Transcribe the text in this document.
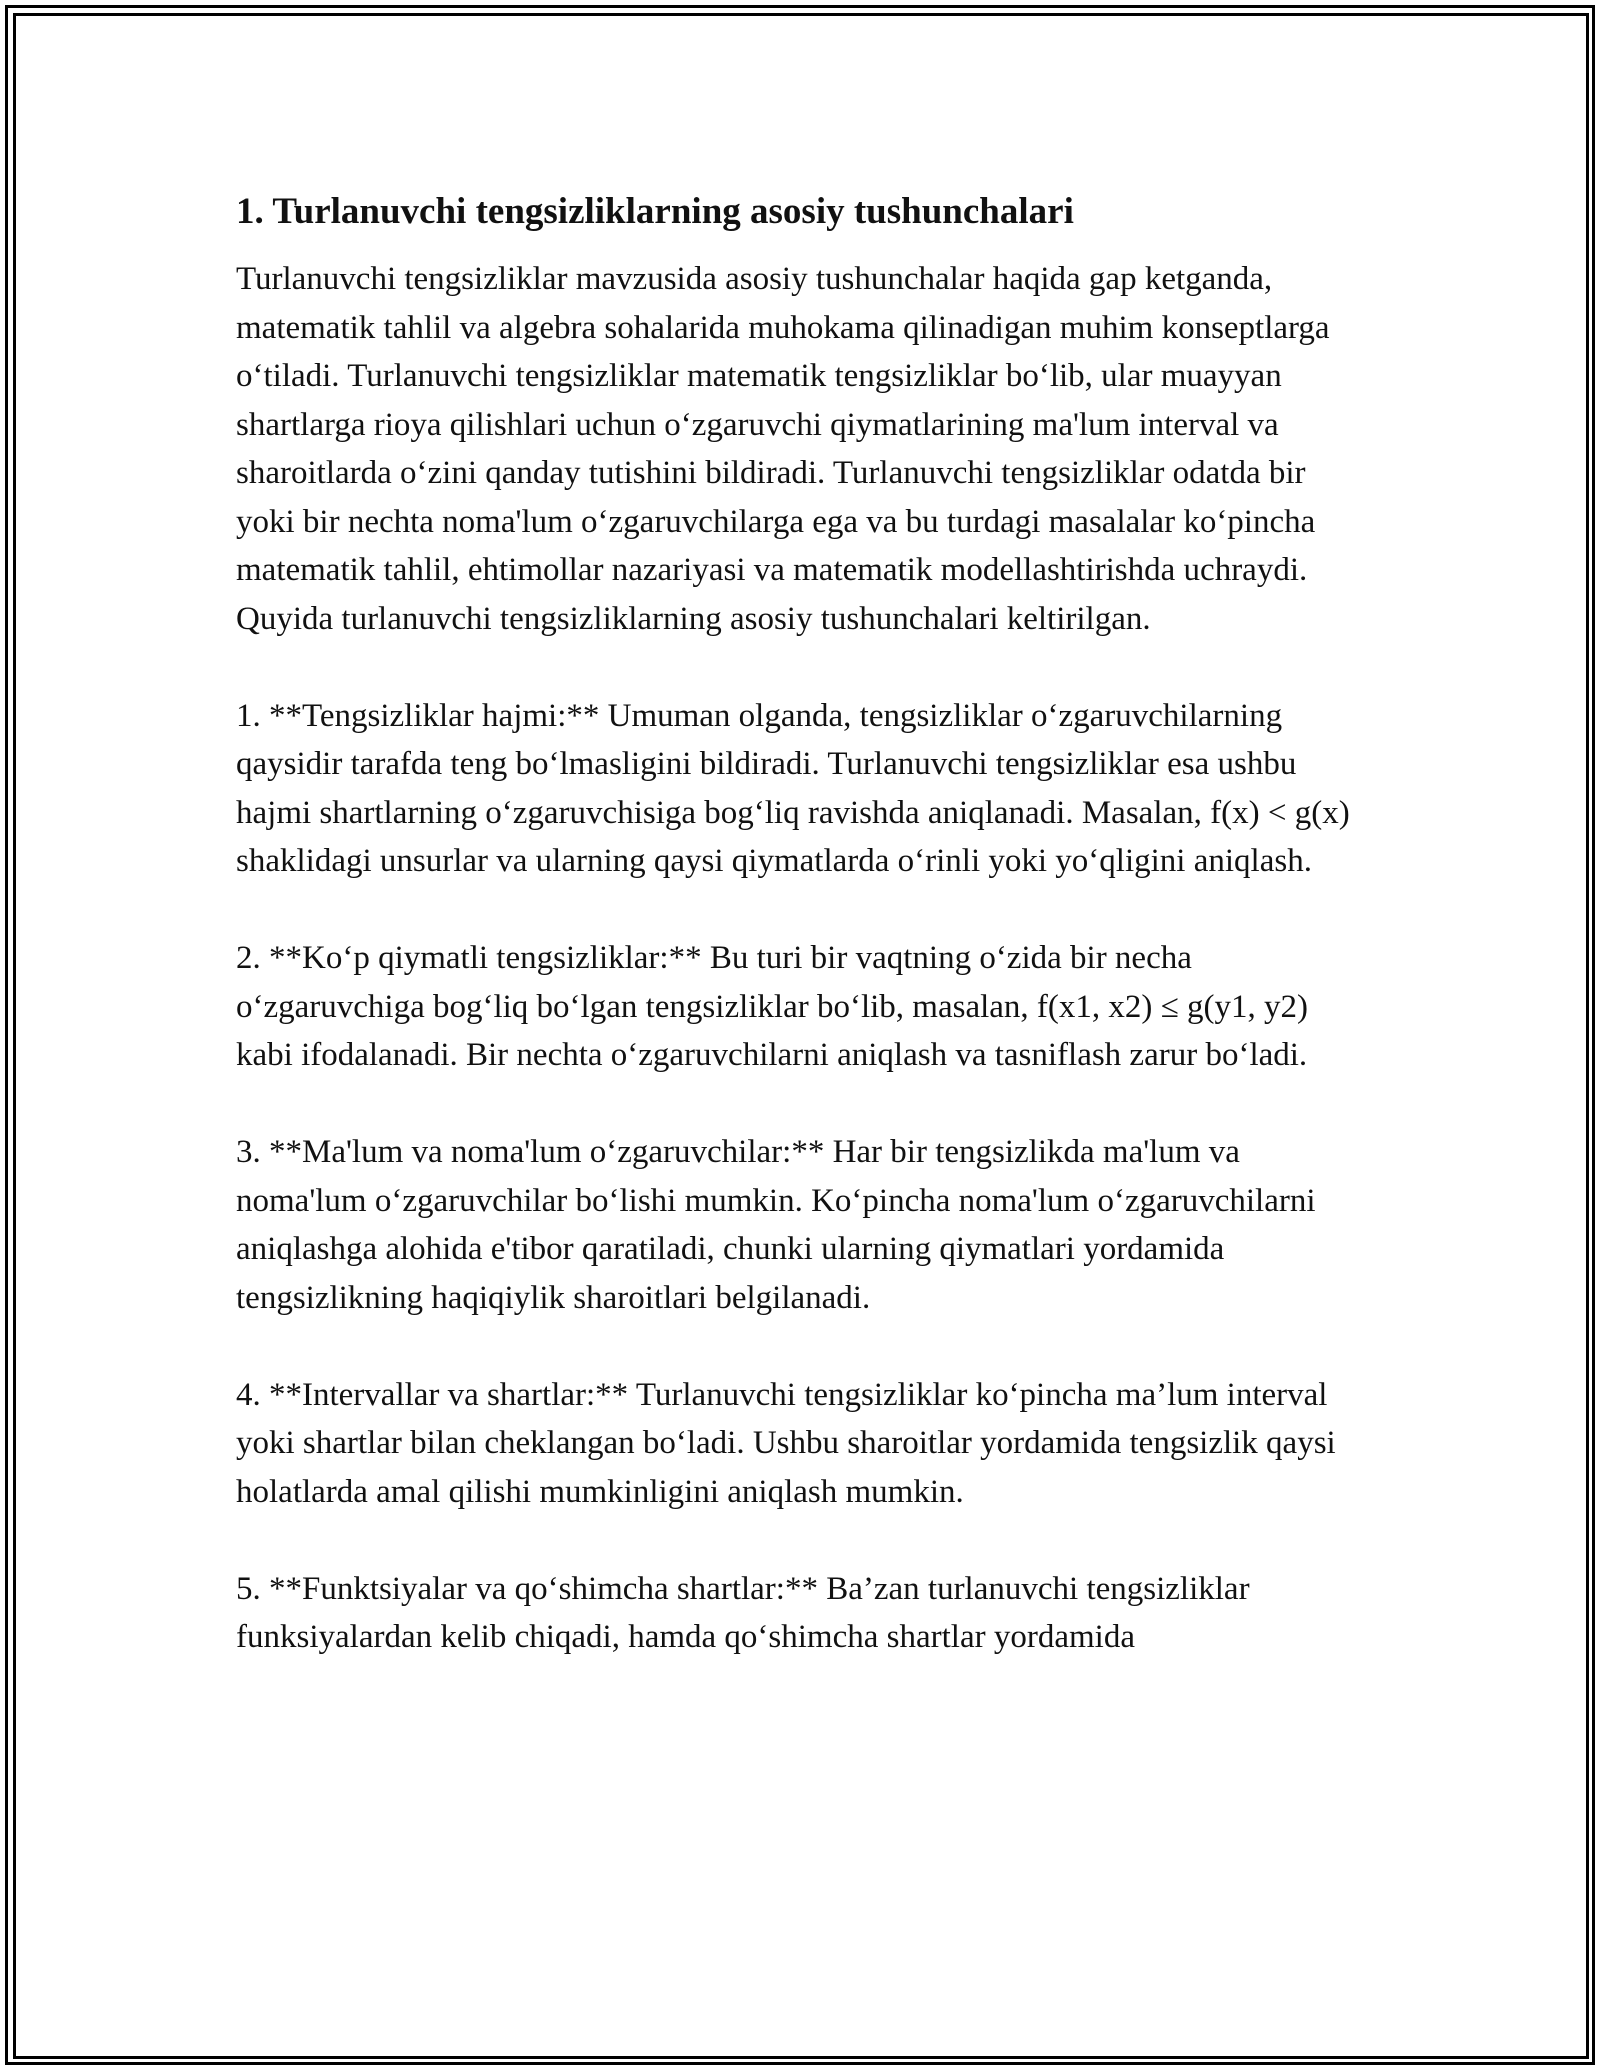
1. Turlanuvchi tengsizliklarning asosiy tushunchalari

Turlanuvchi tengsizliklar mavzusida asosiy tushunchalar haqida gap ketganda, matematik tahlil va algebra sohalarida muhokama qilinadigan muhim konseptlarga o‘tiladi. Turlanuvchi tengsizliklar matematik tengsizliklar bo‘lib, ular muayyan shartlarga rioya qilishlari uchun o‘zgaruvchi qiymatlarining ma'lum interval va sharoitlarda o‘zini qanday tutishini bildiradi. Turlanuvchi tengsizliklar odatda bir yoki bir nechta noma'lum o‘zgaruvchilarga ega va bu turdagi masalalar ko‘pincha matematik tahlil, ehtimollar nazariyasi va matematik modellashtirishda uchraydi. Quyida turlanuvchi tengsizliklarning asosiy tushunchalari keltirilgan.

1. **Tengsizliklar hajmi:** Umuman olganda, tengsizliklar o‘zgaruvchilarning qaysidir tarafda teng bo‘lmasligini bildiradi. Turlanuvchi tengsizliklar esa ushbu hajmi shartlarning o‘zgaruvchisiga bog‘liq ravishda aniqlanadi. Masalan, f(x) < g(x) shaklidagi unsurlar va ularning qaysi qiymatlarda o‘rinli yoki yo‘qligini aniqlash.

2. **Ko‘p qiymatli tengsizliklar:** Bu turi bir vaqtning o‘zida bir necha o‘zgaruvchiga bog‘liq bo‘lgan tengsizliklar bo‘lib, masalan, f(x1, x2) ≤ g(y1, y2) kabi ifodalanadi. Bir nechta o‘zgaruvchilarni aniqlash va tasniflash zarur bo‘ladi.

3. **Ma'lum va noma'lum o‘zgaruvchilar:** Har bir tengsizlikda ma'lum va noma'lum o‘zgaruvchilar bo‘lishi mumkin. Ko‘pincha noma'lum o‘zgaruvchilarni aniqlashga alohida e'tibor qaratiladi, chunki ularning qiymatlari yordamida tengsizlikning haqiqiylik sharoitlari belgilanadi.

4. **Intervallar va shartlar:** Turlanuvchi tengsizliklar ko‘pincha ma’lum interval yoki shartlar bilan cheklangan bo‘ladi. Ushbu sharoitlar yordamida tengsizlik qaysi holatlarda amal qilishi mumkinligini aniqlash mumkin.

5. **Funktsiyalar va qo‘shimcha shartlar:** Ba’zan turlanuvchi tengsizliklar funksiyalardan kelib chiqadi, hamda qo‘shimcha shartlar yordamida
